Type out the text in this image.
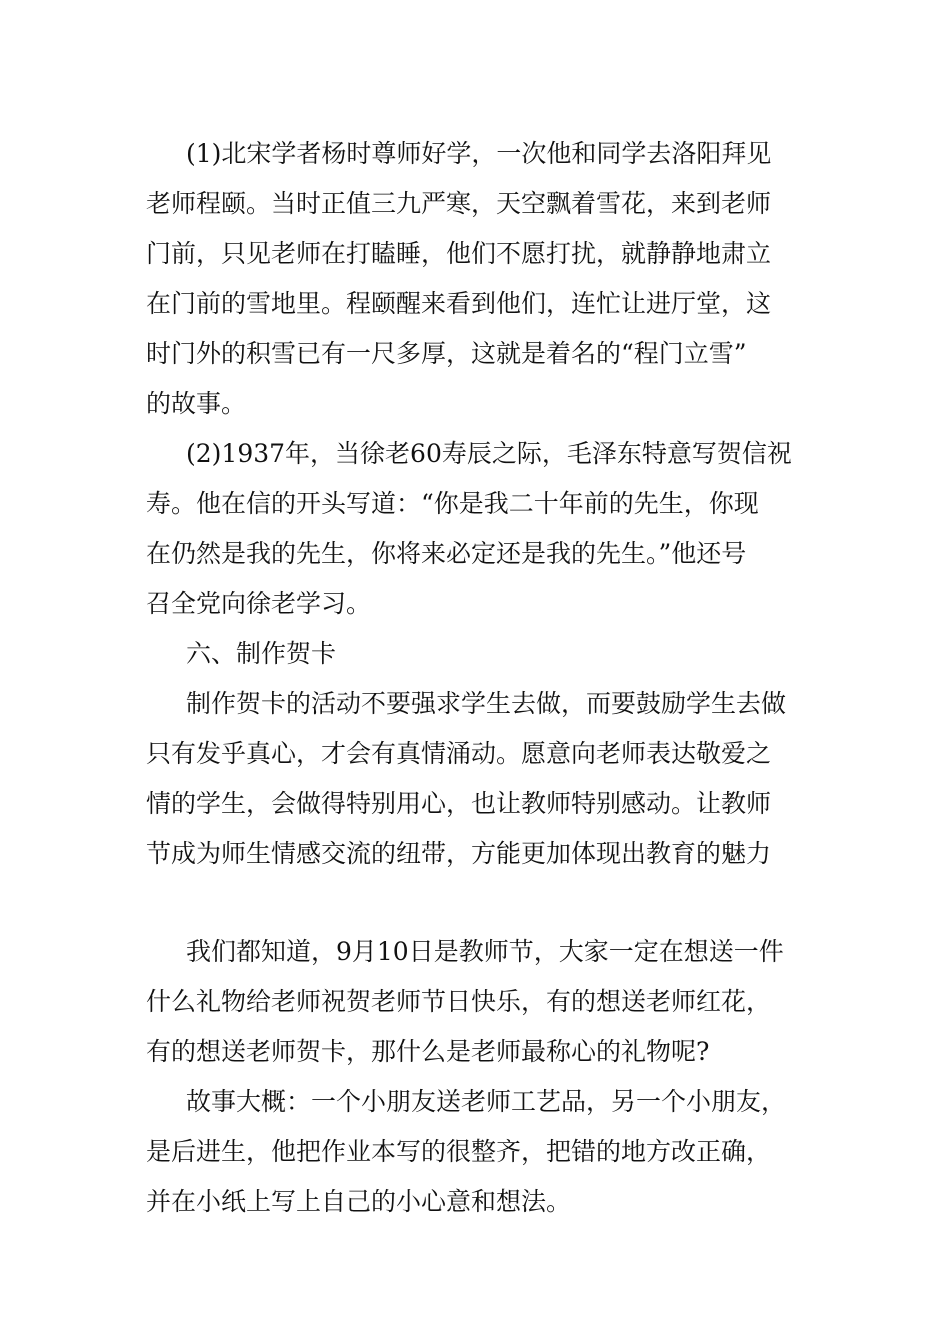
(1)北宋学者杨时尊师好学，一次他和同学去洛阳拜见
老师程颐。当时正值三九严寒，天空飘着雪花，来到老师
门前，只见老师在打瞌睡，他们不愿打扰，就静静地肃立
在门前的雪地里。程颐醒来看到他们，连忙让进厅堂，这
时门外的积雪已有一尺多厚，这就是着名的“程门立雪”
的故事。
(2)1937年，当徐老60寿辰之际，毛泽东特意写贺信祝
寿。他在信的开头写道：“你是我二十年前的先生，你现
在仍然是我的先生，你将来必定还是我的先生。”他还号
召全党向徐老学习。
六、制作贺卡
制作贺卡的活动不要强求学生去做，而要鼓励学生去做
只有发乎真心，才会有真情涌动。愿意向老师表达敬爱之
情的学生，会做得特别用心，也让教师特别感动。让教师
节成为师生情感交流的纽带，方能更加体现出教育的魅力
我们都知道，9月10日是教师节，大家一定在想送一件
什么礼物给老师祝贺老师节日快乐，有的想送老师红花，
有的想送老师贺卡，那什么是老师最称心的礼物呢?
故事大概：一个小朋友送老师工艺品，另一个小朋友，
是后进生，他把作业本写的很整齐，把错的地方改正确，
并在小纸上写上自己的小心意和想法。
